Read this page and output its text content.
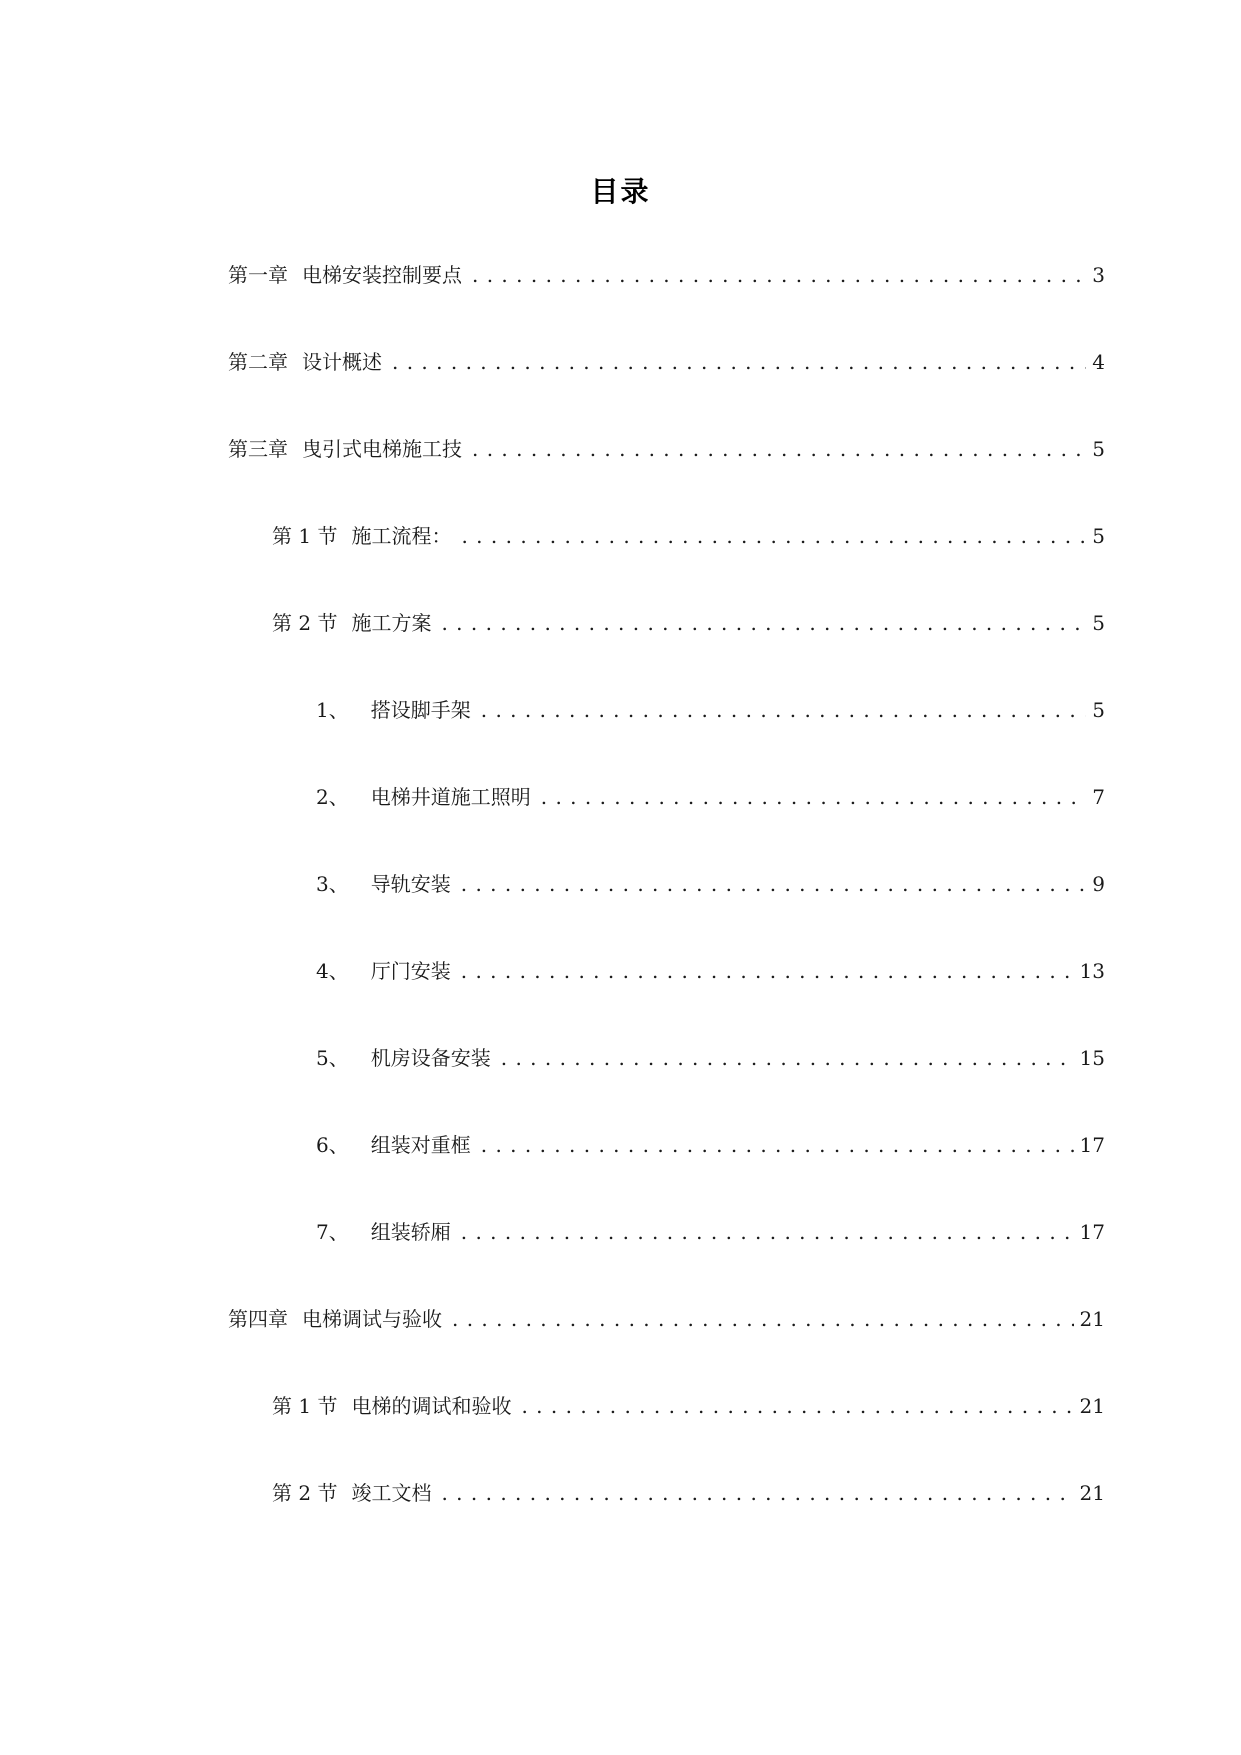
目录
第一章 电梯安装控制要点 . . .	3
第二章 设计概述 . . .	4
第三章 曳引式电梯施工技 . . .	5
第 1 节 施工流程： . . .	5
第 2 节 施工方案 . . .	5
1、 搭设脚手架 . . .	5
2、 电梯井道施工照明 . . .	7
3、 导轨安装 . . .	9
4、 厅门安装 . . .	13
5、 机房设备安装 . . .	15
6、 组装对重框 . . .	17
7、 组装轿厢 . . .	17
第四章 电梯调试与验收 . . .	21
第 1 节 电梯的调试和验收 . . .	21
第 2 节 竣工文档 . . .	21
